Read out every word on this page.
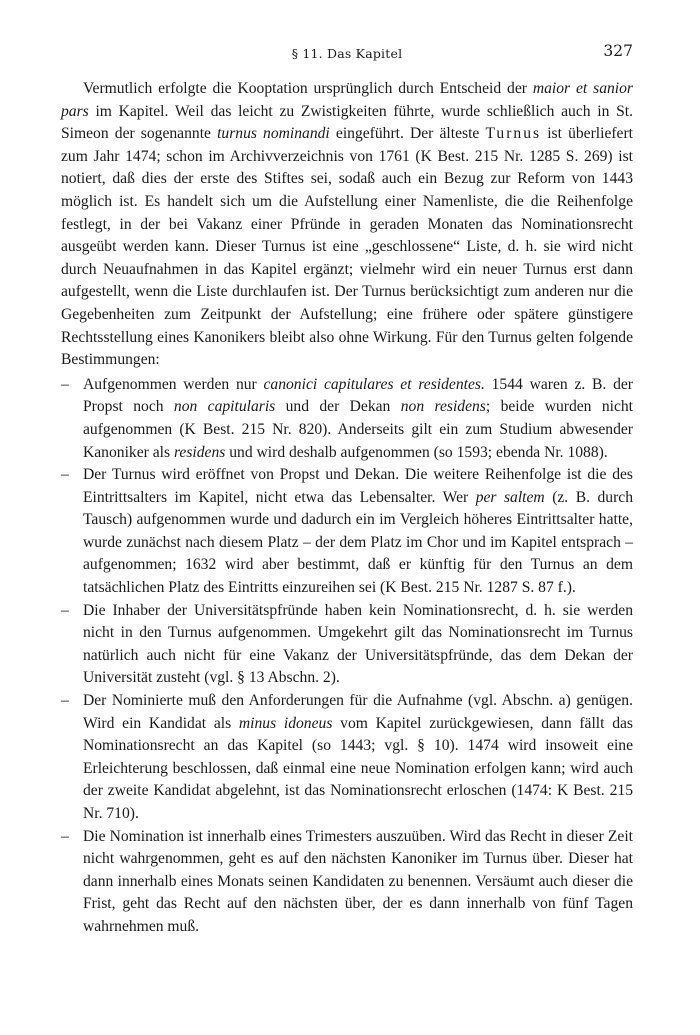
§ 11. Das Kapitel	327

Vermutlich erfolgte die Kooptation ursprünglich durch Entscheid der maior et sanior pars im Kapitel. Weil das leicht zu Zwistigkeiten führte, wurde schließlich auch in St. Simeon der sogenannte turnus nominandi eingeführt. Der älteste Turnus ist überliefert zum Jahr 1474; schon im Archivverzeichnis von 1761 (K Best. 215 Nr. 1285 S. 269) ist notiert, daß dies der erste des Stiftes sei, sodaß auch ein Bezug zur Reform von 1443 möglich ist. Es handelt sich um die Aufstellung einer Namenliste, die die Reihenfolge festlegt, in der bei Vakanz einer Pfründe in geraden Monaten das Nominationsrecht ausgeübt werden kann. Dieser Turnus ist eine „geschlossene“ Liste, d. h. sie wird nicht durch Neuaufnahmen in das Kapitel ergänzt; vielmehr wird ein neuer Turnus erst dann aufgestellt, wenn die Liste durchlaufen ist. Der Turnus berücksichtigt zum anderen nur die Gegebenheiten zum Zeitpunkt der Aufstellung; eine frühere oder spätere günstigere Rechtsstellung eines Kanonikers bleibt also ohne Wirkung. Für den Turnus gelten folgende Bestimmungen:

– Aufgenommen werden nur canonici capitulares et residentes. 1544 waren z. B. der Propst noch non capitularis und der Dekan non residens; beide wurden nicht aufgenommen (K Best. 215 Nr. 820). Anderseits gilt ein zum Studium abwesender Kanoniker als residens und wird deshalb aufgenommen (so 1593; ebenda Nr. 1088).
– Der Turnus wird eröffnet von Propst und Dekan. Die weitere Reihenfolge ist die des Eintrittsalters im Kapitel, nicht etwa das Lebensalter. Wer per saltem (z. B. durch Tausch) aufgenommen wurde und dadurch ein im Vergleich höheres Eintrittsalter hatte, wurde zunächst nach diesem Platz – der dem Platz im Chor und im Kapitel entsprach – aufgenommen; 1632 wird aber bestimmt, daß er künftig für den Turnus an dem tatsächlichen Platz des Eintritts einzureihen sei (K Best. 215 Nr. 1287 S. 87 f.).
– Die Inhaber der Universitätspfründe haben kein Nominationsrecht, d. h. sie werden nicht in den Turnus aufgenommen. Umgekehrt gilt das Nominationsrecht im Turnus natürlich auch nicht für eine Vakanz der Universitätspfründe, das dem Dekan der Universität zusteht (vgl. § 13 Abschn. 2).
– Der Nominierte muß den Anforderungen für die Aufnahme (vgl. Abschn. a) genügen. Wird ein Kandidat als minus idoneus vom Kapitel zurückgewiesen, dann fällt das Nominationsrecht an das Kapitel (so 1443; vgl. § 10). 1474 wird insoweit eine Erleichterung beschlossen, daß einmal eine neue Nomination erfolgen kann; wird auch der zweite Kandidat abgelehnt, ist das Nominationsrecht erloschen (1474: K Best. 215 Nr. 710).
– Die Nomination ist innerhalb eines Trimesters auszuüben. Wird das Recht in dieser Zeit nicht wahrgenommen, geht es auf den nächsten Kanoniker im Turnus über. Dieser hat dann innerhalb eines Monats seinen Kandidaten zu benennen. Versäumt auch dieser die Frist, geht das Recht auf den nächsten über, der es dann innerhalb von fünf Tagen wahrnehmen muß.
